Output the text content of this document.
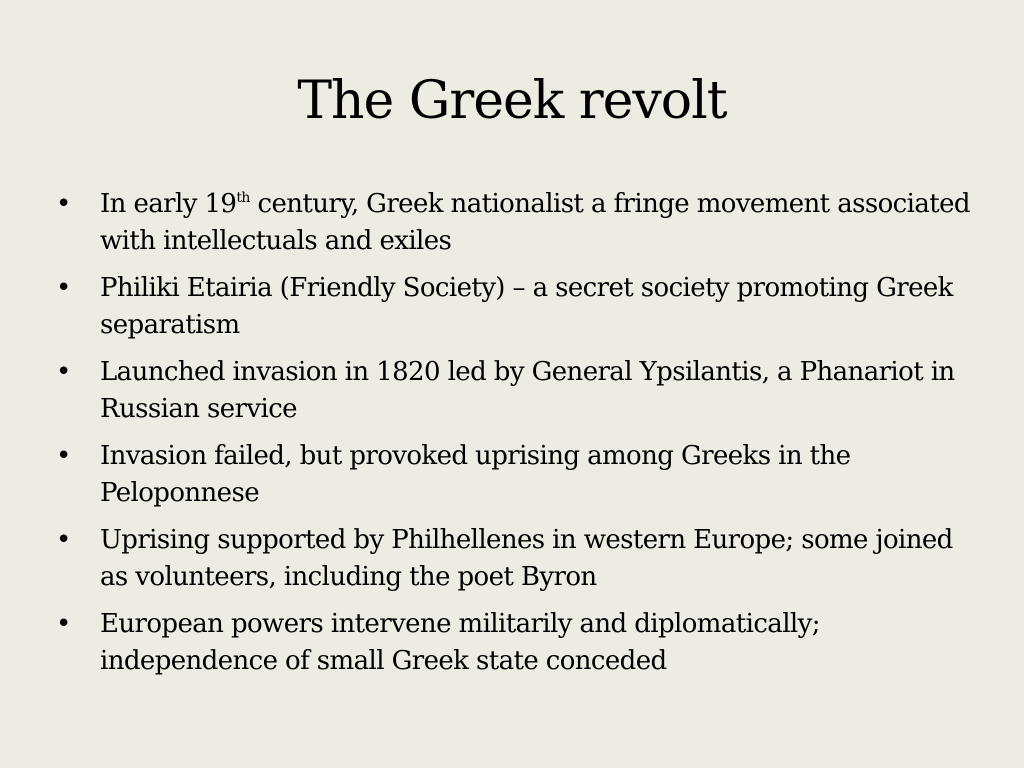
The Greek revolt
• In early 19th century, Greek nationalist a fringe movement associated with intellectuals and exiles
• Philiki Etairia (Friendly Society) – a secret society promoting Greek separatism
• Launched invasion in 1820 led by General Ypsilantis, a Phanariot in Russian service
• Invasion failed, but provoked uprising among Greeks in the Peloponnese
• Uprising supported by Philhellenes in western Europe; some joined as volunteers, including the poet Byron
• European powers intervene militarily and diplomatically; independence of small Greek state conceded
